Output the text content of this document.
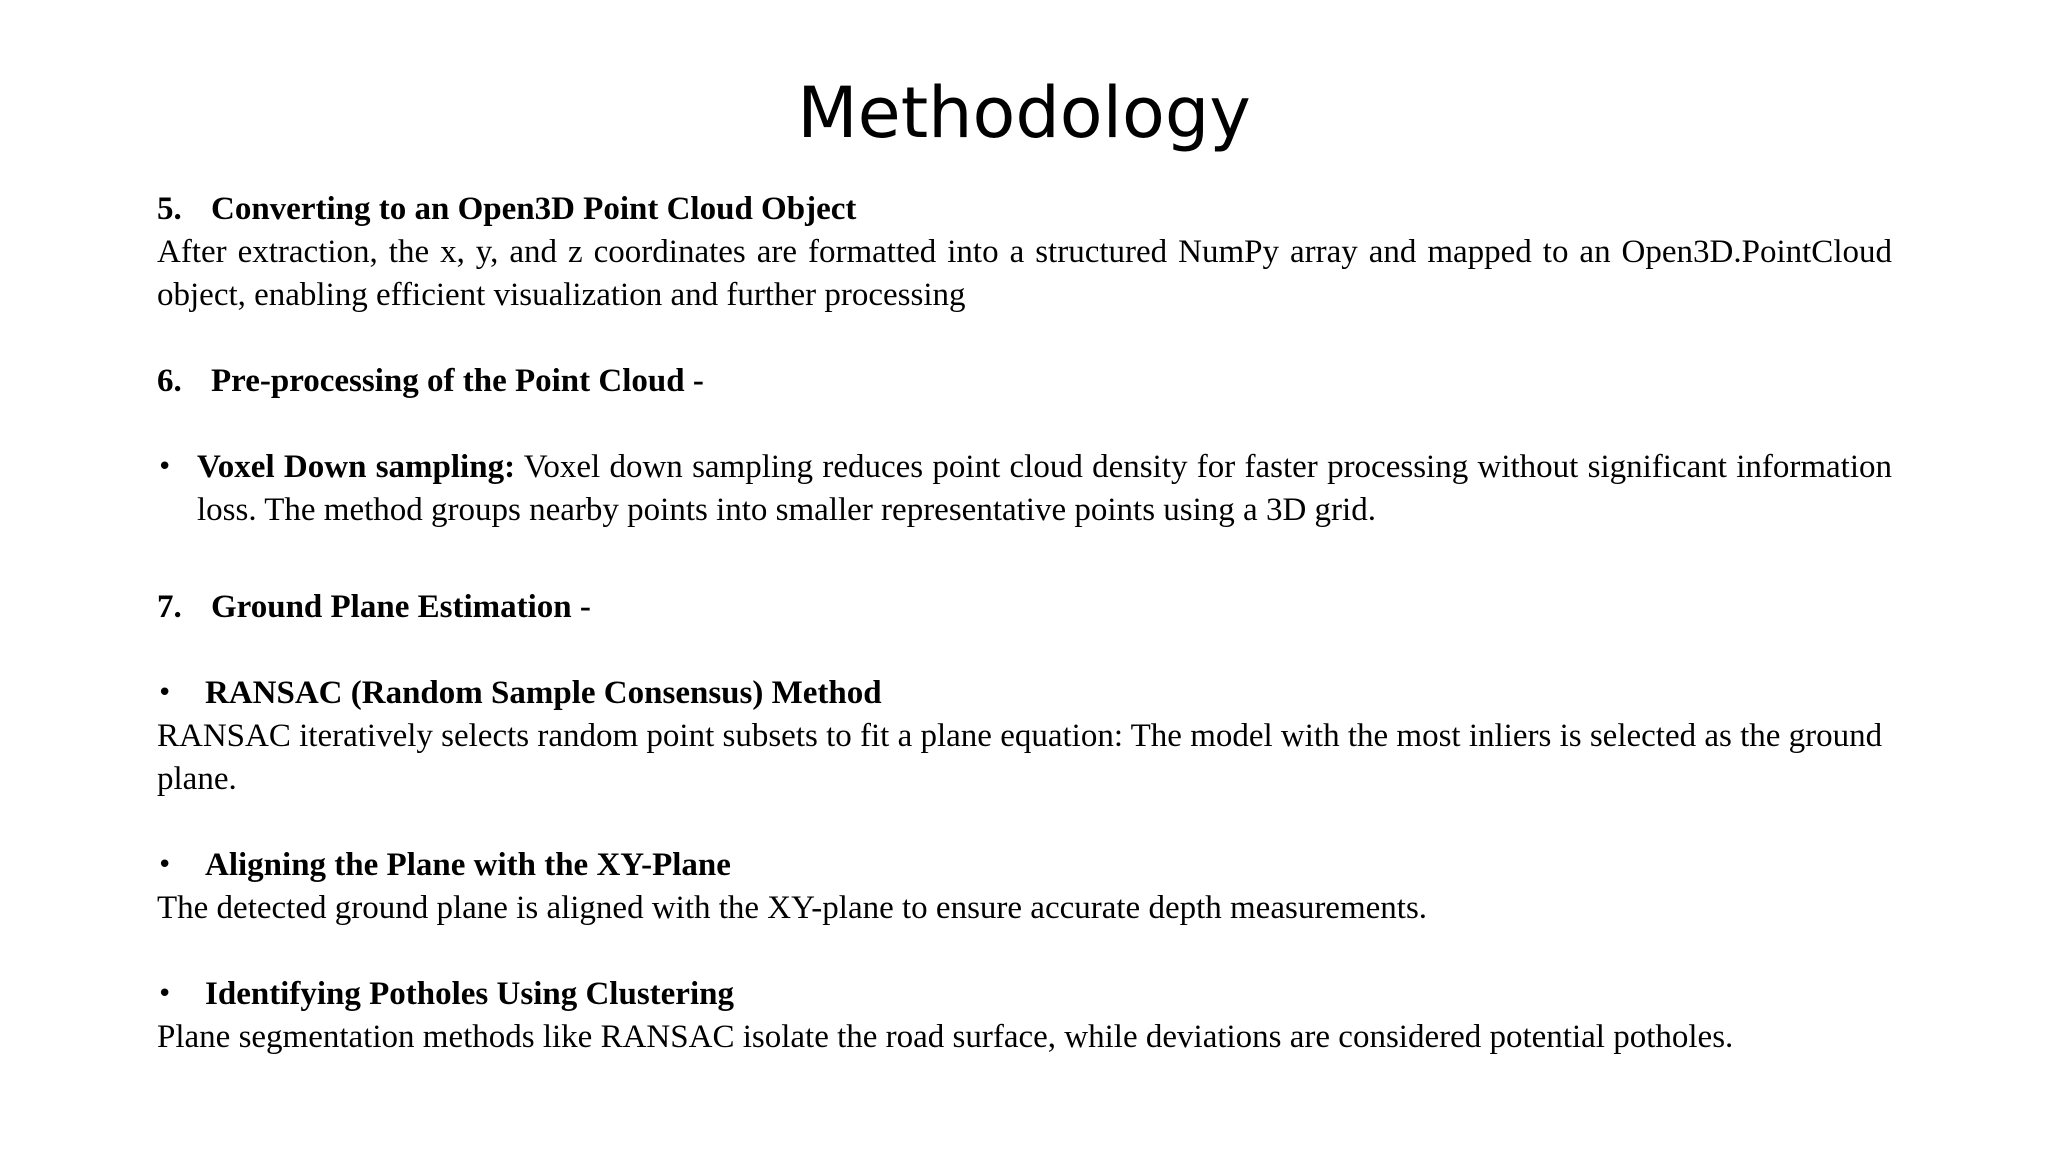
Methodology
5. Converting to an Open3D Point Cloud Object
After extraction, the x, y, and z coordinates are formatted into a structured NumPy array and mapped to an Open3D.PointCloud object, enabling efficient visualization and further processing
6. Pre-processing of the Point Cloud -
• Voxel Down sampling: Voxel down sampling reduces point cloud density for faster processing without significant information loss. The method groups nearby points into smaller representative points using a 3D grid.
7. Ground Plane Estimation -
• RANSAC (Random Sample Consensus) Method
RANSAC iteratively selects random point subsets to fit a plane equation: The model with the most inliers is selected as the ground plane.
• Aligning the Plane with the XY-Plane
The detected ground plane is aligned with the XY-plane to ensure accurate depth measurements.
• Identifying Potholes Using Clustering
Plane segmentation methods like RANSAC isolate the road surface, while deviations are considered potential potholes.
